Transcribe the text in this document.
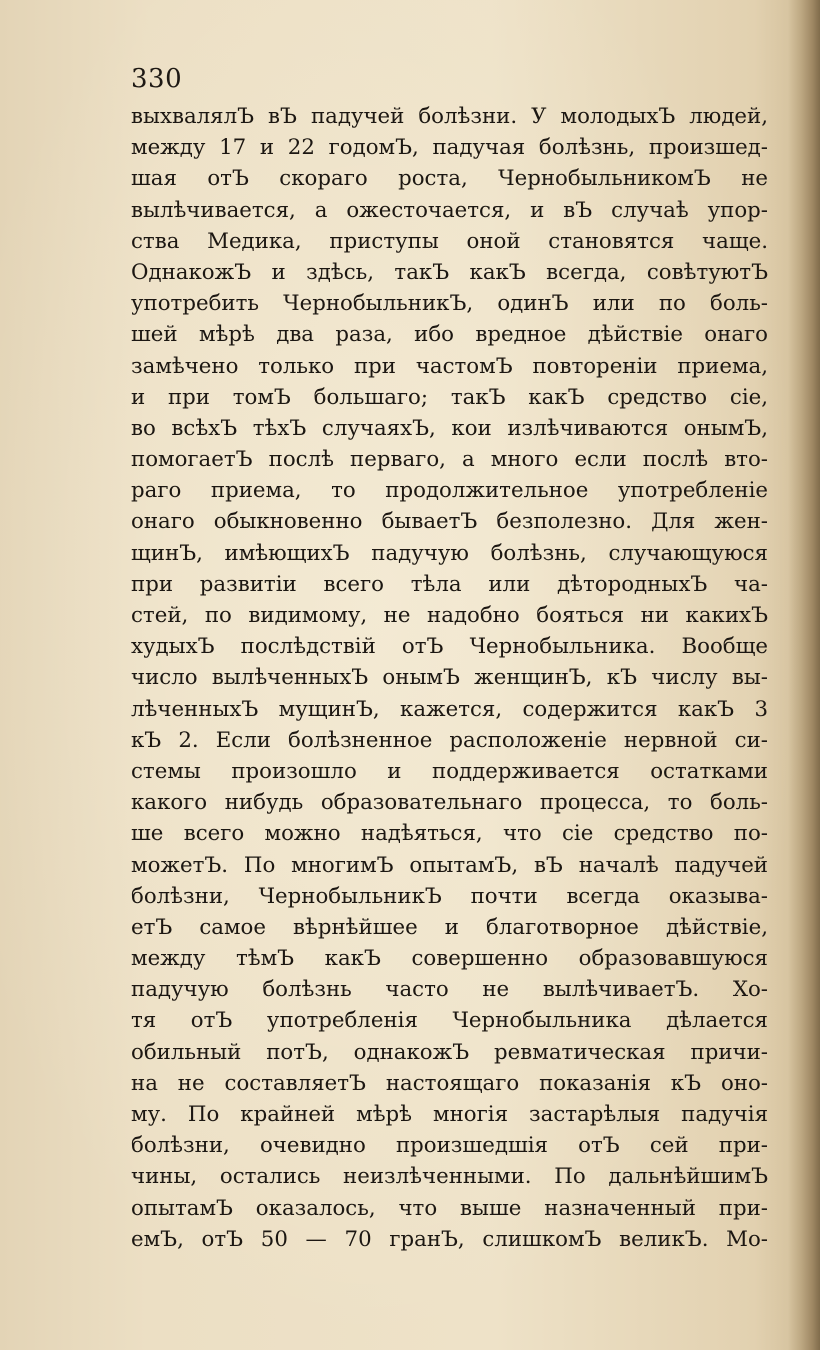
330
выхвалялЪ вЪ падучей болѣзни. У молодыхЪ людей,
между 17 и 22 годомЪ, падучая болѣзнь, произшед-
шая отЪ скораго роста, ЧернобыльникомЪ не
вылѣчивается, а ожесточается, и вЪ случаѣ упор-
ства Медика, приступы оной становятся чаще.
ОднакожЪ и здѣсь, такЪ какЪ всегда, совѣтуютЪ
употребить ЧернобыльникЪ, одинЪ или по боль-
шей мѣрѣ два раза, ибо вредное дѣйствіе онаго
замѣчено только при частомЪ повтореніи приема,
и при томЪ большаго; такЪ какЪ средство сіе,
во всѣхЪ тѣхЪ случаяхЪ, кои излѣчиваются онымЪ,
помогаетЪ послѣ перваго, а много если послѣ вто-
раго приема, то продолжительное употребленіе
онаго обыкновенно бываетЪ безполезно. Для жен-
щинЪ, имѣющихЪ падучую болѣзнь, случающуюся
при развитіи всего тѣла или дѣтородныхЪ ча-
стей, по видимому, не надобно бояться ни какихЪ
худыхЪ послѣдствій отЪ Чернобыльника. Вообще
число вылѣченныхЪ онымЪ женщинЪ, кЪ числу вы-
лѣченныхЪ мущинЪ, кажется, содержится какЪ 3
кЪ 2. Если болѣзненное расположеніе нервной си-
стемы произошло и поддерживается остатками
какого нибудь образовательнаго процесса, то боль-
ше всего можно надѣяться, что сіе средство по-
можетЪ. По многимЪ опытамЪ, вЪ началѣ падучей
болѣзни, ЧернобыльникЪ почти всегда оказыва-
етЪ самое вѣрнѣйшее и благотворное дѣйствіе,
между тѣмЪ какЪ совершенно образовавшуюся
падучую болѣзнь часто не вылѣчиваетЪ. Хо-
тя отЪ употребленія Чернобыльника дѣлается
обильный потЪ, однакожЪ ревматическая причи-
на не составляетЪ настоящаго показанія кЪ оно-
му. По крайней мѣрѣ многія застарѣлыя падучія
болѣзни, очевидно произшедшія отЪ сей при-
чины, остались неизлѣченными. По дальнѣйшимЪ
опытамЪ оказалось, что выше назначенный при-
емЪ, отЪ 50 — 70 гранЪ, слишкомЪ великЪ. Мо-
